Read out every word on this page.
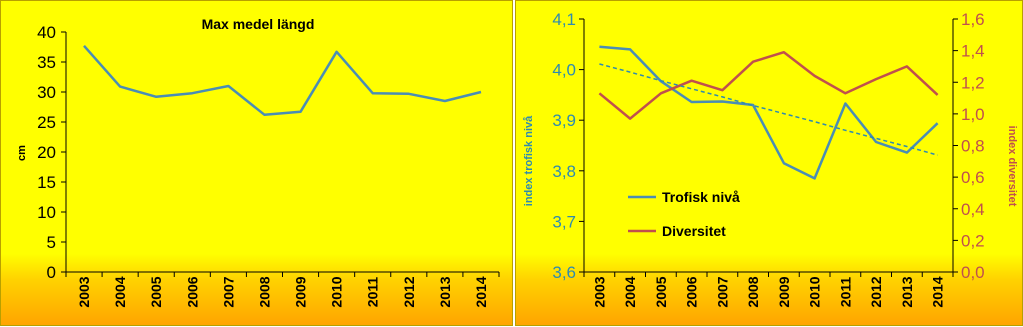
Max medel längd
cm
0
5
10
15
20
25
30
35
40
2003 2004 2005 2006 2007 2008 2009 2010 2011 2012 2013 2014
index trofisk nivå	index diversitet
Trofisk nivå
Diversitet
3,6
3,7
3,8
3,9
4,0
4,1
0,0
0,2
0,4
0,6
0,8
1,0
1,2
1,4
1,6
2003 2004 2005 2006 2007 2008 2009 2010 2011 2012 2013 2014
